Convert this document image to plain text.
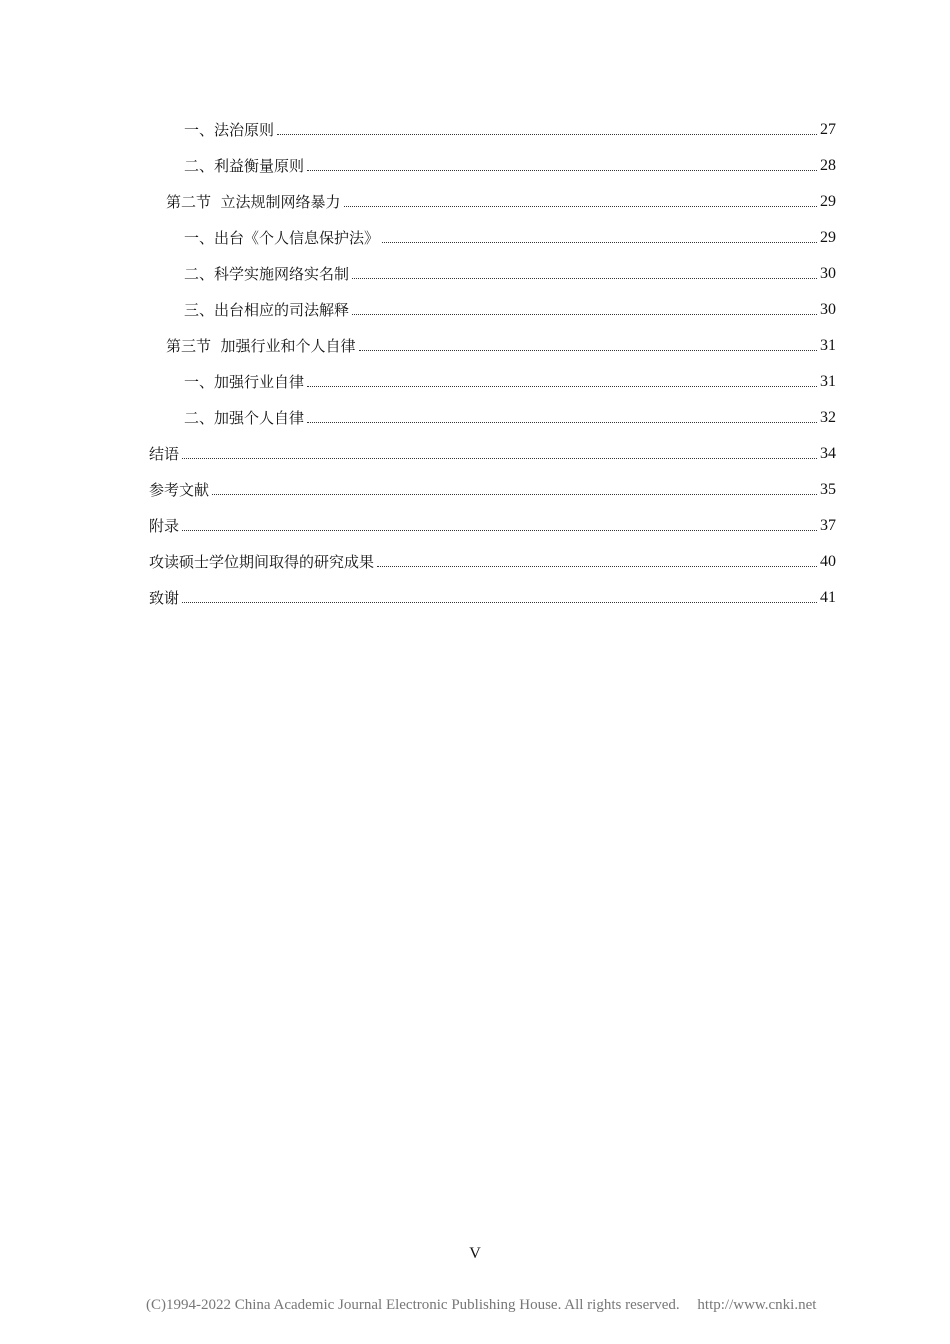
一、法治原则	27
二、利益衡量原则	28
第二节  立法规制网络暴力	29
一、出台《个人信息保护法》	29
二、科学实施网络实名制	30
三、出台相应的司法解释	30
第三节  加强行业和个人自律	31
一、加强行业自律	31
二、加强个人自律	32
结语	34
参考文献	35
附录	37
攻读硕士学位期间取得的研究成果	40
致谢	41
V
(C)1994-2022 China Academic Journal Electronic Publishing House. All rights reserved. http://www.cnki.net
